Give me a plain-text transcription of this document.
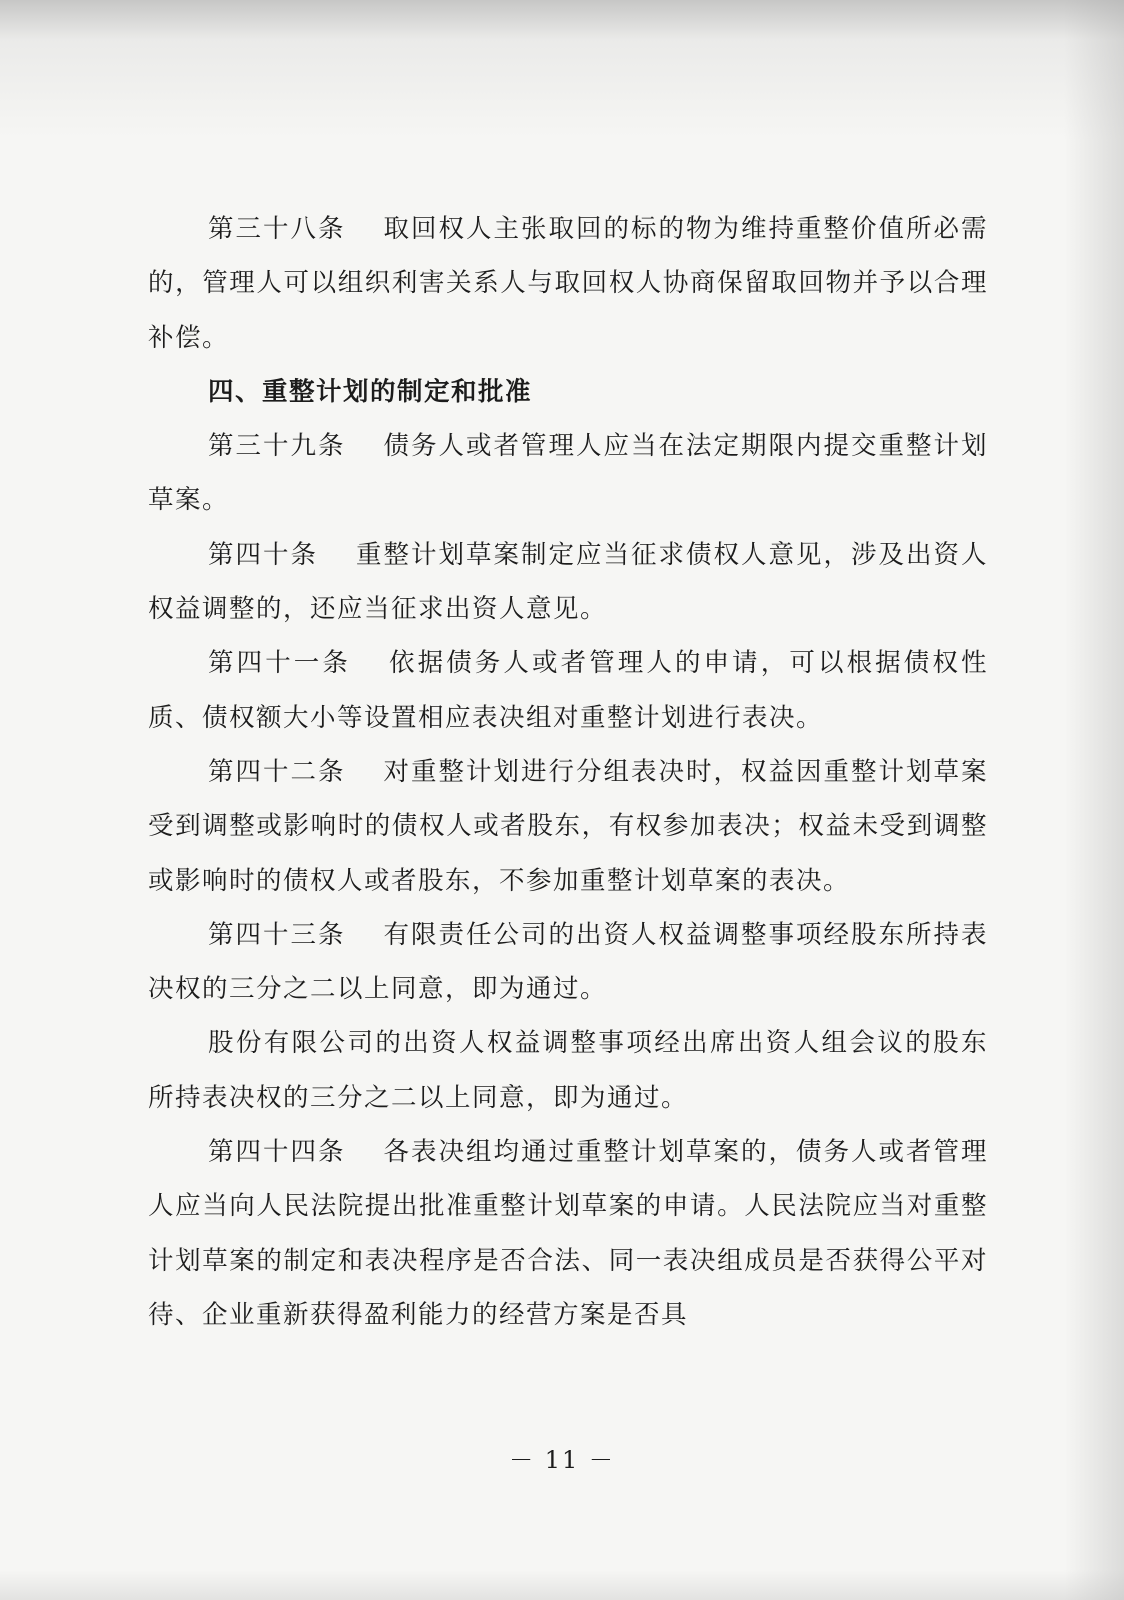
第三十八条 取回权人主张取回的标的物为维持重整价值所必需的，管理人可以组织利害关系人与取回权人协商保留取回物并予以合理补偿。

四、重整计划的制定和批准

第三十九条 债务人或者管理人应当在法定期限内提交重整计划草案。

第四十条 重整计划草案制定应当征求债权人意见，涉及出资人权益调整的，还应当征求出资人意见。

第四十一条 依据债务人或者管理人的申请，可以根据债权性质、债权额大小等设置相应表决组对重整计划进行表决。

第四十二条 对重整计划进行分组表决时，权益因重整计划草案受到调整或影响时的债权人或者股东，有权参加表决；权益未受到调整或影响时的债权人或者股东，不参加重整计划草案的表决。

第四十三条 有限责任公司的出资人权益调整事项经股东所持表决权的三分之二以上同意，即为通过。

股份有限公司的出资人权益调整事项经出席出资人组会议的股东所持表决权的三分之二以上同意，即为通过。

第四十四条 各表决组均通过重整计划草案的，债务人或者管理人应当向人民法院提出批准重整计划草案的申请。人民法院应当对重整计划草案的制定和表决程序是否合法、同一表决组成员是否获得公平对待、企业重新获得盈利能力的经营方案是否具

－ 11 －
